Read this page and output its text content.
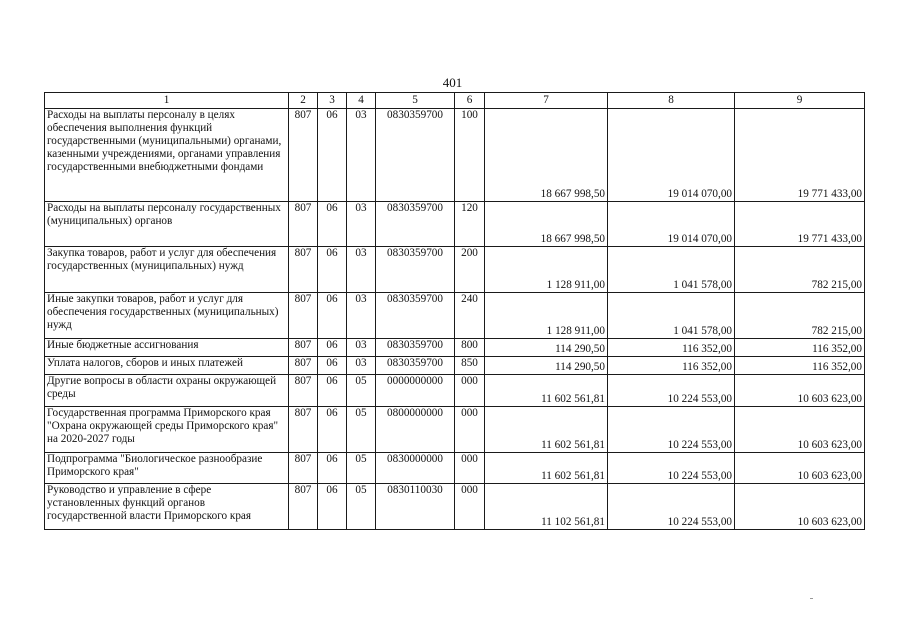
401
1	2	3	4	5	6	7	8	9
Расходы на выплаты персоналу в целях обеспечения выполнения функций государственными (муниципальными) органами, казенными учреждениями, органами управления государственными внебюджетными фондами	807	06	03	0830359700	100	18 667 998,50	19 014 070,00	19 771 433,00
Расходы на выплаты персоналу государственных (муниципальных) органов	807	06	03	0830359700	120	18 667 998,50	19 014 070,00	19 771 433,00
Закупка товаров, работ и услуг для обеспечения государственных (муниципальных) нужд	807	06	03	0830359700	200	1 128 911,00	1 041 578,00	782 215,00
Иные закупки товаров, работ и услуг для обеспечения государственных (муниципальных) нужд	807	06	03	0830359700	240	1 128 911,00	1 041 578,00	782 215,00
Иные бюджетные ассигнования	807	06	03	0830359700	800	114 290,50	116 352,00	116 352,00
Уплата налогов, сборов и иных платежей	807	06	03	0830359700	850	114 290,50	116 352,00	116 352,00
Другие вопросы в области охраны окружающей среды	807	06	05	0000000000	000	11 602 561,81	10 224 553,00	10 603 623,00
Государственная программа Приморского края "Охрана окружающей среды Приморского края" на 2020-2027 годы	807	06	05	0800000000	000	11 602 561,81	10 224 553,00	10 603 623,00
Подпрограмма "Биологическое разнообразие Приморского края"	807	06	05	0830000000	000	11 602 561,81	10 224 553,00	10 603 623,00
Руководство и управление в сфере установленных функций органов государственной власти Приморского края	807	06	05	0830110030	000	11 102 561,81	10 224 553,00	10 603 623,00
